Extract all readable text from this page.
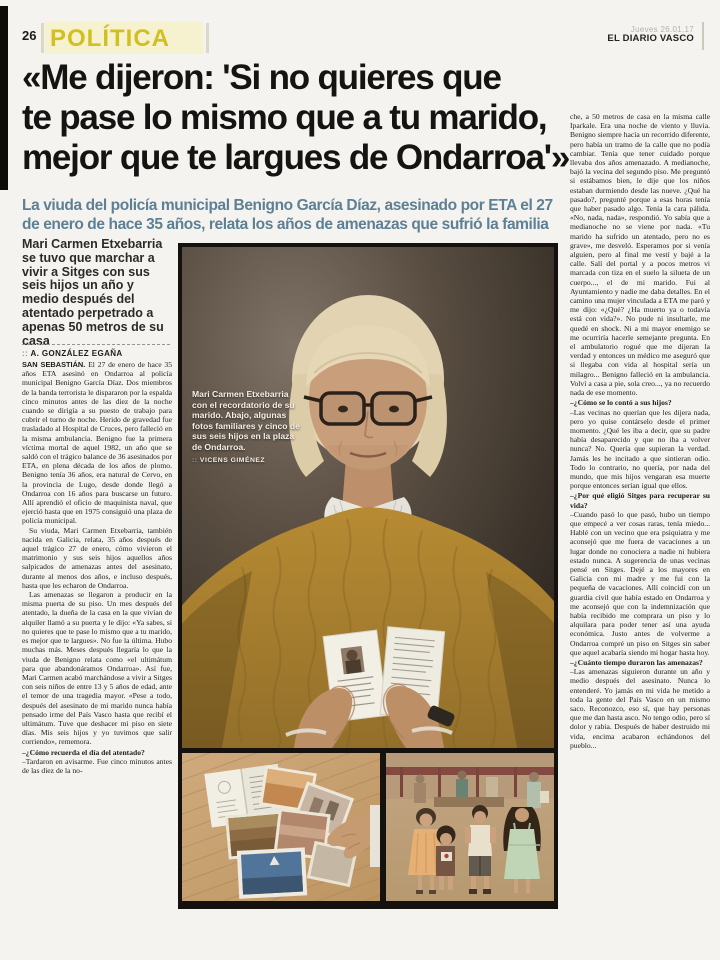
26 POLÍTICA	Jueves 26.01.17
EL DIARIO VASCO
«Me dijeron: 'Si no quieres que
te pase lo mismo que a tu marido,
mejor que te largues de Ondarroa'»
La viuda del policía municipal Benigno García Díaz, asesinado por ETA el 27
de enero de hace 35 años, relata los años de amenazas que sufrió la familia
Mari Carmen Etxebarria se tuvo que marchar a vivir a Sitges con sus seis hijos un año y medio después del atentado perpetrado a apenas 50 metros de su casa
:: A. GONZÁLEZ EGAÑA

SAN SEBASTIÁN. El 27 de enero de hace 35 años ETA asesinó en Ondarroa al policía municipal Benigno García Díaz. Dos miembros de la banda terrorista le dispararon por la espalda cinco minutos antes de las diez de la noche cuando se dirigía a su puesto de trabajo para cubrir el turno de noche. Herido de gravedad fue trasladado al Hospital de Cruces, pero falleció en la misma ambulancia. Benigno fue la primera víctima mortal de aquel 1982, un año que se saldó con el trágico balance de 36 asesinados por ETA, en plena década de los años de plomo. Benigno tenía 36 años, era natural de Cervo, en la provincia de Lugo, desde donde llegó a Ondarroa con 16 años para buscarse un futuro. Allí aprendió el oficio de maquinista naval, que ejerció hasta que en 1975 consiguió una plaza de policía municipal.

Su viuda, Mari Carmen Etxebarria, también nacida en Galicia, relata, 35 años después de aquel trágico 27 de enero, cómo vivieron el matrimonio y sus seis hijos aquellos años salpicados de amenazas antes del asesinato, durante al menos dos años, e incluso después, hasta que les echaron de Ondarroa.

Las amenazas se llegaron a producir en la misma puerta de su piso. Un mes después del atentado, la dueña de la casa en la que vivían de alquiler llamó a su puerta y le dijo: «Ya sabes, si no quieres que te pase lo mismo que a tu marido, es mejor que te largues». No fue la última. Hubo muchas más. Meses después llegaría lo que la viuda de Benigno relata como «el ultimátum para que abandonáramos Ondarroa». Así fue, Mari Carmen acabó marchándose a vivir a Sitges con seis niños de entre 13 y 5 años de edad, ante el temor de una tragedia mayor. «Pese a todo, después del asesinato de mi marido nunca había pensado irme del País Vasco hasta que recibí el ultimátum. Tuve que deshacer mi piso en siete días. Mis seis hijos y yo tuvimos que salir corriendo», rememora.

–¿Cómo recuerda el día del atentado?

–Tardaron en avisarme. Fue cinco minutos antes de las diez de la no-

Mari Carmen Etxebarria con el recordatorio de su marido. Abajo, algunas fotos familiares y cinco de sus seis hijos en la plaza de Ondarroa.
:: VICENS GIMÉNEZ

che, a 50 metros de casa en la misma calle Iparkale. Era una noche de viento y lluvia. Benigno siempre hacía un recorrido diferente, pero había un tramo de la calle que no podía cambiar. Tenía que tener cuidado porque llevaba dos años amenazado. A medianoche, bajó la vecina del segundo piso. Me preguntó si estábamos bien, le dije que los niños estaban durmiendo desde las nueve. ¿Qué ha pasado?, pregunté porque a esas horas tenía que haber pasado algo. Tenía la cara pálida. «No, nada, nada», respondió. Yo sabía que a medianoche no se viene por nada. «Tu marido ha sufrido un atentado, pero no es grave», me desveló. Esperamos por si venía alguien, pero al final me vestí y bajé a la calle. Salí del portal y a pocos metros vi marcada con tiza en el suelo la silueta de un cuerpo..., el de mi marido. Fui al Ayuntamiento y nadie me daba detalles. En el camino una mujer vinculada a ETA me paró y me dijo: «¿Qué? ¿Ha muerto ya o todavía está con vida?». No pude ni insultarle, me quedé en shock. Ni a mi mayor enemigo se me ocurriría hacerle semejante pregunta. En el ambulatorio rogué que me dijeran la verdad y entonces un médico me aseguró que si llegaba con vida al hospital sería un milagro... Benigno falleció en la ambulancia. Volví a casa a pie, sola creo..., ya no recuerdo nada de ese momento.

–¿Cómo se lo contó a sus hijos?

–Las vecinas no querían que les dijera nada, pero yo quise contárselo desde el primer momento. ¿Qué les iba a decir, que su padre había desaparecido y que no iba a volver nunca? No. Quería que supieran la verdad. Jamás les he incitado a que sintieran odio. Todo lo contrario, no quería, por nada del mundo, que mis hijos vengaran esa muerte porque entonces serían igual que ellos.

–¿Por qué eligió Sitges para recuperar su vida?

–Cuando pasó lo que pasó, hubo un tiempo que empecé a ver cosas raras, tenía miedo... Hablé con un vecino que era psiquiatra y me aconsejó que me fuera de vacaciones a un lugar donde no conociera a nadie ni hubiera estado nunca. A sugerencia de unas vecinas pensé en Sitges. Dejé a los mayores en Galicia con mi madre y me fui con la pequeña de vacaciones. Allí coincidí con un guardia civil que había estado en Ondarroa y me aconsejó que con la indemnización que había recibido me comprara un piso y lo alquilara para poder tener así una ayuda económica. Justo antes de volverme a Ondarroa compré un piso en Sitges sin saber que aquel acabaría siendo mi hogar hasta hoy.

–¿Cuánto tiempo duraron las amenazas?

–Las amenazas siguieron durante un año y medio después del asesinato. Nunca lo entenderé. Yo jamás en mi vida he metido a toda la gente del País Vasco en un mismo saco. Reconozco, eso sí, que hay personas que me dan hasta asco. No tengo odio, pero sí dolor y rabia. Después de haber destruido mi vida, encima acabaron echándonos del pueblo...
